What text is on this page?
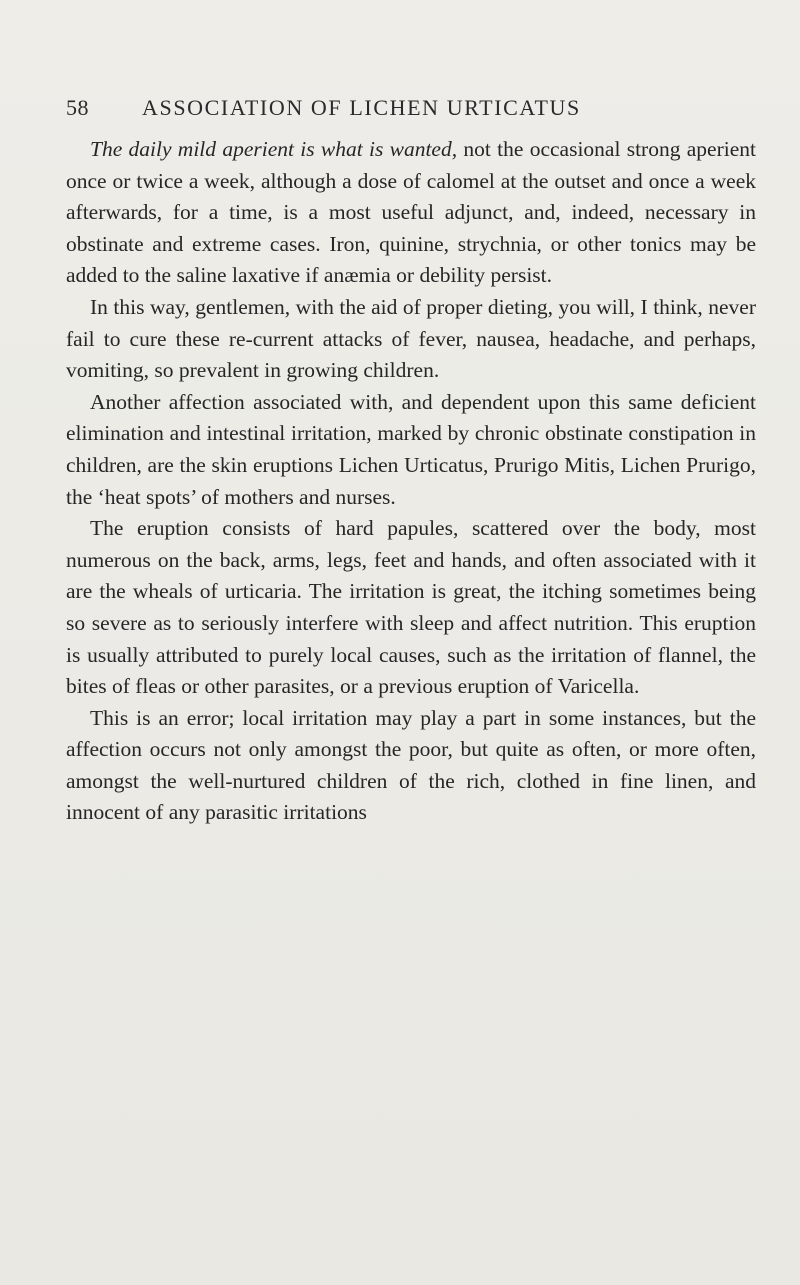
58 ASSOCIATION OF LICHEN URTICATUS

The daily mild aperient is what is wanted, not the occasional strong aperient once or twice a week, although a dose of calomel at the outset and once a week afterwards, for a time, is a most useful adjunct, and, indeed, necessary in obstinate and extreme cases. Iron, quinine, strychnia, or other tonics may be added to the saline laxative if anæmia or debility persist.

In this way, gentlemen, with the aid of proper dieting, you will, I think, never fail to cure these re-current attacks of fever, nausea, headache, and perhaps, vomiting, so prevalent in growing children.

Another affection associated with, and dependent upon this same deficient elimination and intestinal irritation, marked by chronic obstinate constipation in children, are the skin eruptions Lichen Urticatus, Prurigo Mitis, Lichen Prurigo, the ‘heat spots’ of mothers and nurses.

The eruption consists of hard papules, scattered over the body, most numerous on the back, arms, legs, feet and hands, and often associated with it are the wheals of urticaria. The irritation is great, the itching sometimes being so severe as to seriously interfere with sleep and affect nutrition. This eruption is usually attributed to purely local causes, such as the irritation of flannel, the bites of fleas or other parasites, or a previous eruption of Varicella.

This is an error; local irritation may play a part in some instances, but the affection occurs not only amongst the poor, but quite as often, or more often, amongst the well-nurtured children of the rich, clothed in fine linen, and innocent of any parasitic irritations
